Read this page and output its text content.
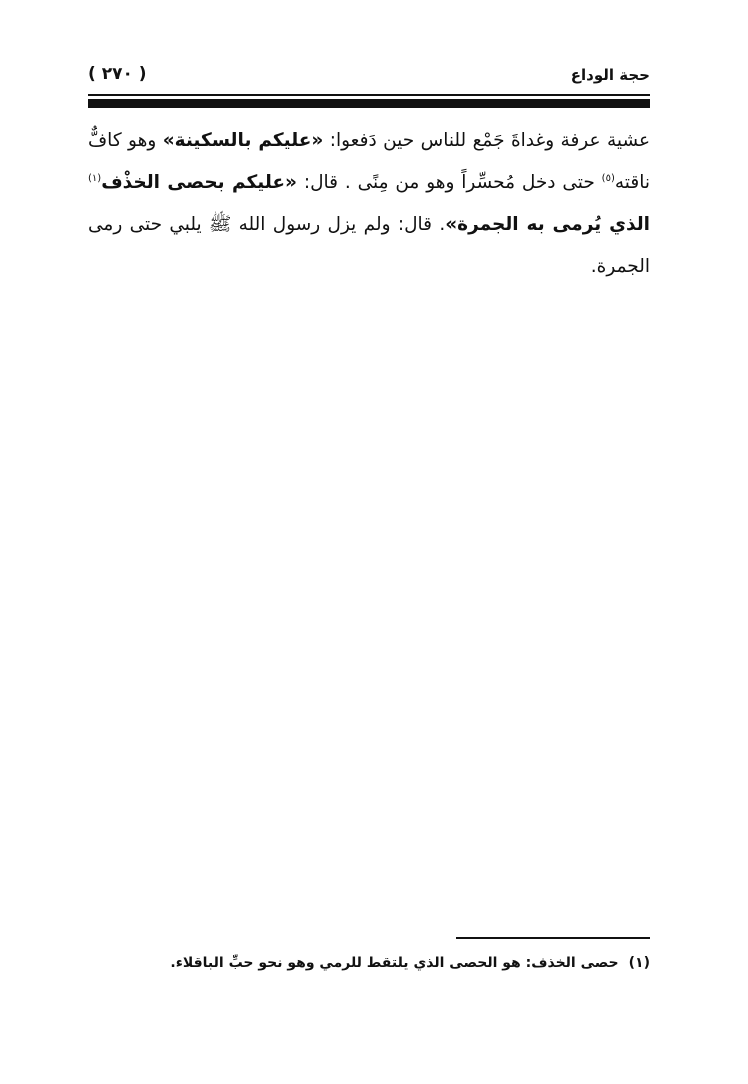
حجة الوداع
( ٢٧٠ )

عشية عرفة وغداةَ جَمْع للناس حين دَفعوا: «عليكم بالسكينة» وهو كافٌّ ناقته$^{(٥)}$ حتى دخل مُحسِّراً وهو من مِنًى . قال: «عليكم بحصى الخذْف$^{(١)}$ الذي يُرمى به الجمرة». قال: ولم يزل رسول الله ﷺ يلبي حتى رمى الجمرة.

(١)حصى الخذف: هو الحصى الذي يلتقط للرمي وهو نحو حبِّ الباقلاء.
